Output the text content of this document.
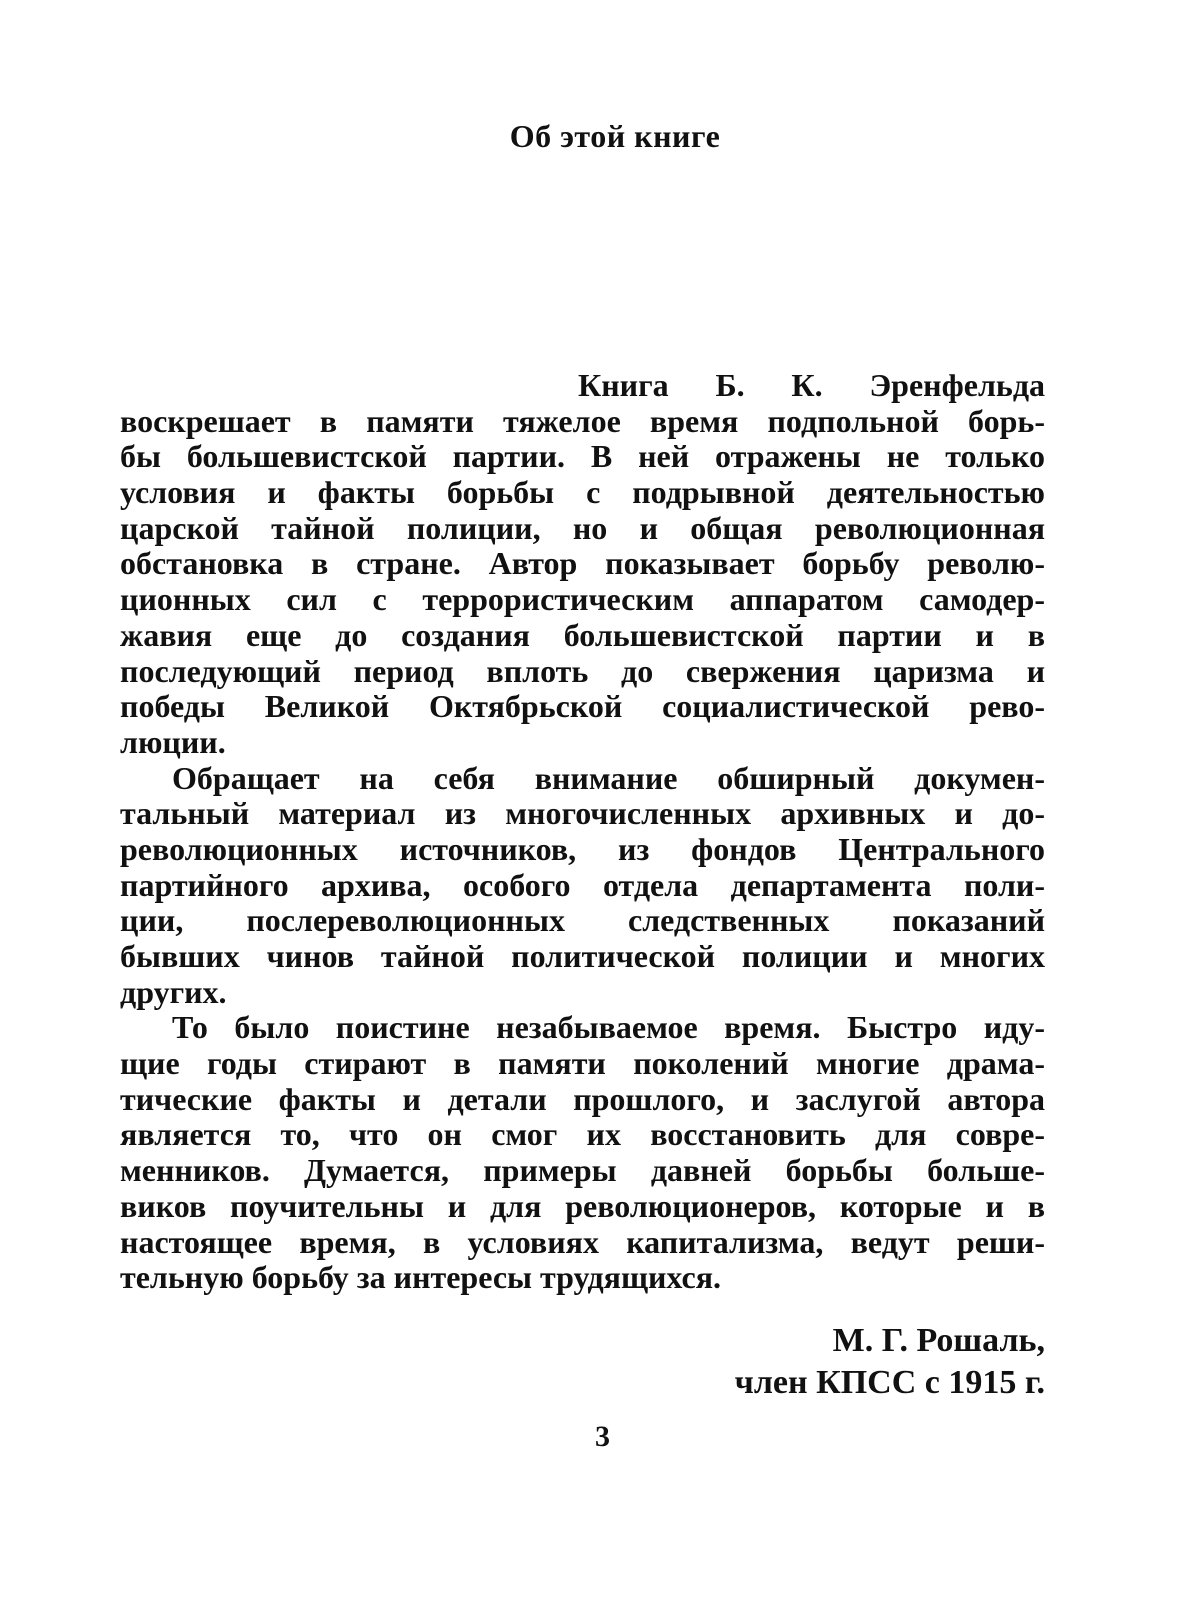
Об этой книге
Книга Б. К. Эренфельда
воскрешает в памяти тяжелое время подпольной борь-
бы большевистской партии. В ней отражены не только
условия и факты борьбы с подрывной деятельностью
царской тайной полиции, но и общая революционная
обстановка в стране. Автор показывает борьбу револю-
ционных сил с террористическим аппаратом самодер-
жавия еще до создания большевистской партии и в
последующий период вплоть до свержения царизма и
победы Великой Октябрьской социалистической рево-
люции.
Обращает на себя внимание обширный докумен-
тальный материал из многочисленных архивных и до-
революционных источников, из фондов Центрального
партийного архива, особого отдела департамента поли-
ции, послереволюционных следственных показаний
бывших чинов тайной политической полиции и многих
других.
То было поистине незабываемое время. Быстро иду-
щие годы стирают в памяти поколений многие драма-
тические факты и детали прошлого, и заслугой автора
является то, что он смог их восстановить для совре-
менников. Думается, примеры давней борьбы больше-
виков поучительны и для революционеров, которые и в
настоящее время, в условиях капитализма, ведут реши-
тельную борьбу за интересы трудящихся.
М. Г. Рошаль,
член КПСС с 1915 г.
3
